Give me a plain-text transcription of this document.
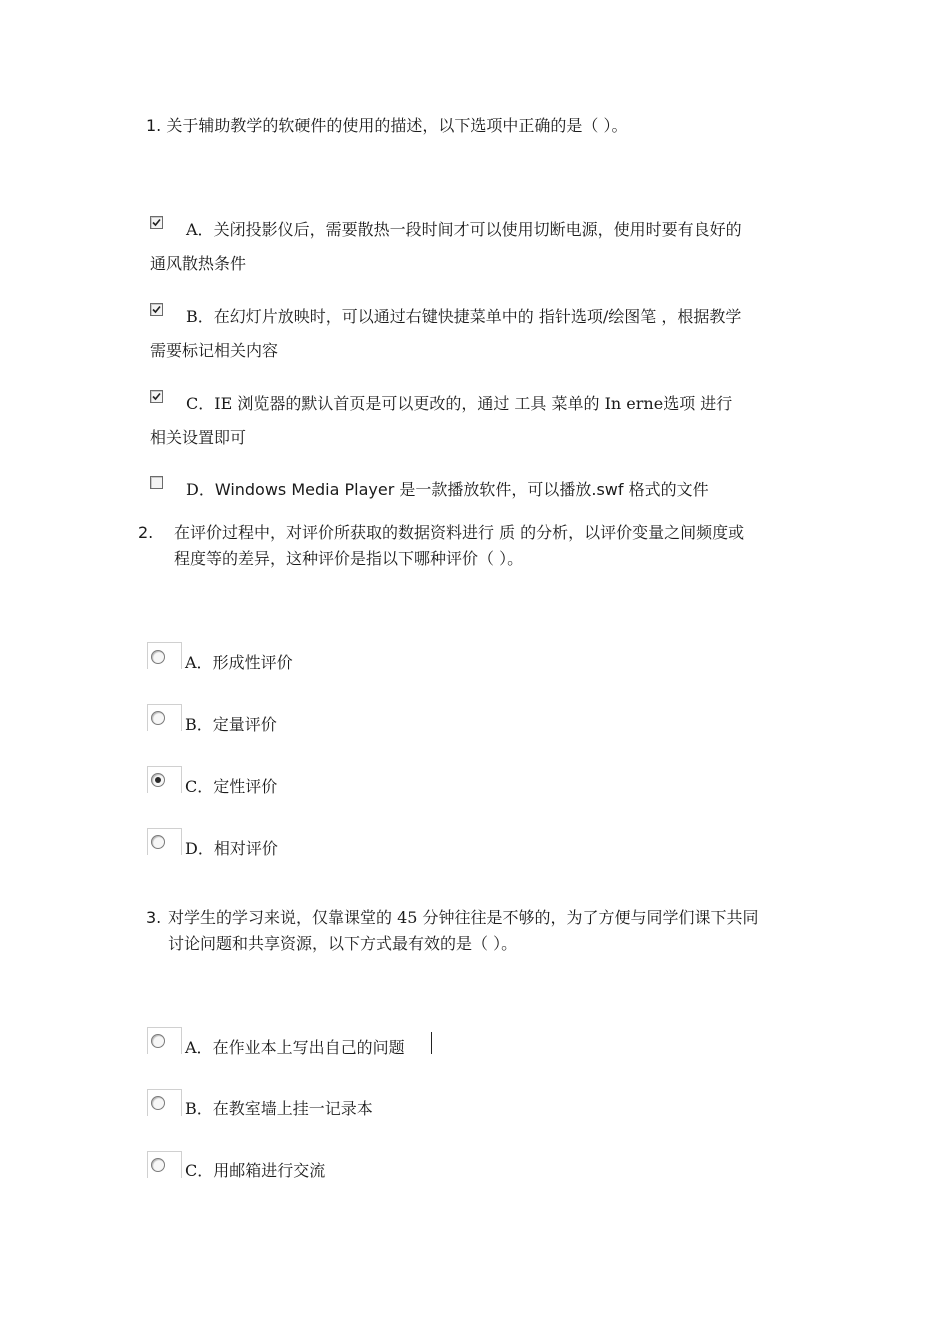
1. 关于辅助教学的软硬件的使用的描述，以下选项中正确的是（ ）。
A．关闭投影仪后，需要散热一段时间才可以使用切断电源，使用时要有良好的
通风散热条件
B．在幻灯片放映时，可以通过右键快捷菜单中的 指针选项/绘图笔 ，根据教学
需要标记相关内容
C．IE 浏览器的默认首页是可以更改的，通过 工具 菜单的 In erne选项 进行
相关设置即可
D．Windows Media Player 是一款播放软件，可以播放.swf 格式的文件
2. 在评价过程中，对评价所获取的数据资料进行 质 的分析，以评价变量之间频度或
程度等的差异，这种评价是指以下哪种评价（ ）。
A．形成性评价
B．定量评价
C．定性评价
D．相对评价
3. 对学生的学习来说，仅靠课堂的 45 分钟往往是不够的，为了方便与同学们课下共同
讨论问题和共享资源，以下方式最有效的是（ ）。
A．在作业本上写出自己的问题
B．在教室墙上挂一记录本
C．用邮箱进行交流
